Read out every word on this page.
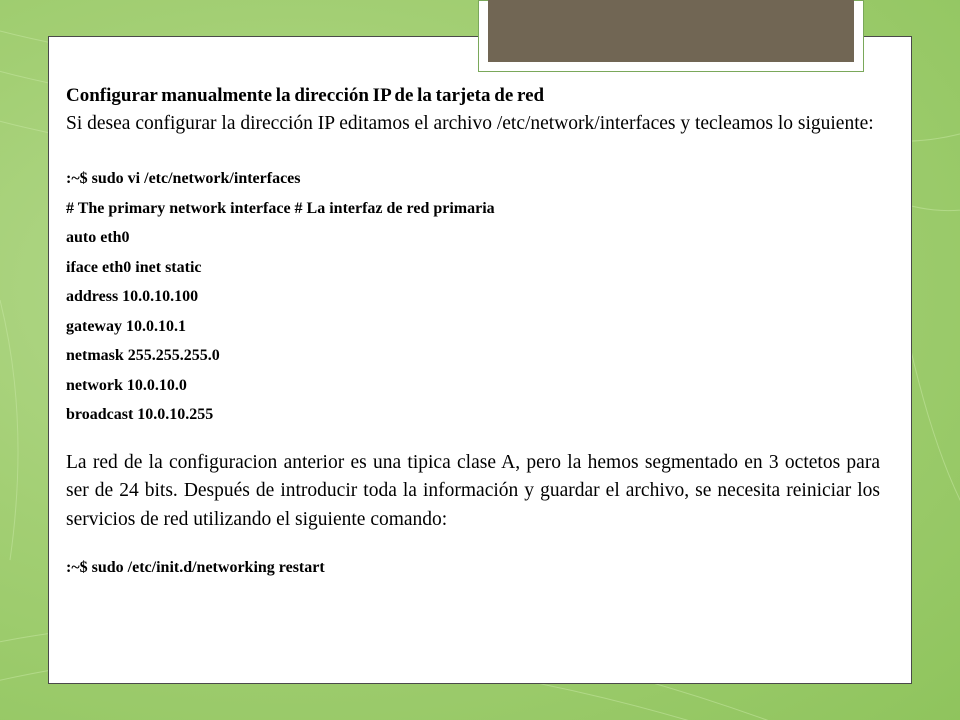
Configurar manualmente la dirección IP de la tarjeta de red

Si desea configurar la dirección IP editamos el archivo /etc/network/interfaces y tecleamos lo siguiente:

:~$ sudo vi /etc/network/interfaces
# The primary network interface # La interfaz de red primaria
auto eth0
iface eth0 inet static
address 10.0.10.100
gateway 10.0.10.1
netmask 255.255.255.0
network 10.0.10.0
broadcast 10.0.10.255

La red de la configuracion anterior es una tipica clase A, pero la hemos segmentado en 3 octetos para ser de 24 bits. Después de introducir toda la información y guardar el archivo, se necesita reiniciar los servicios de red utilizando el siguiente comando:

:~$ sudo /etc/init.d/networking restart
